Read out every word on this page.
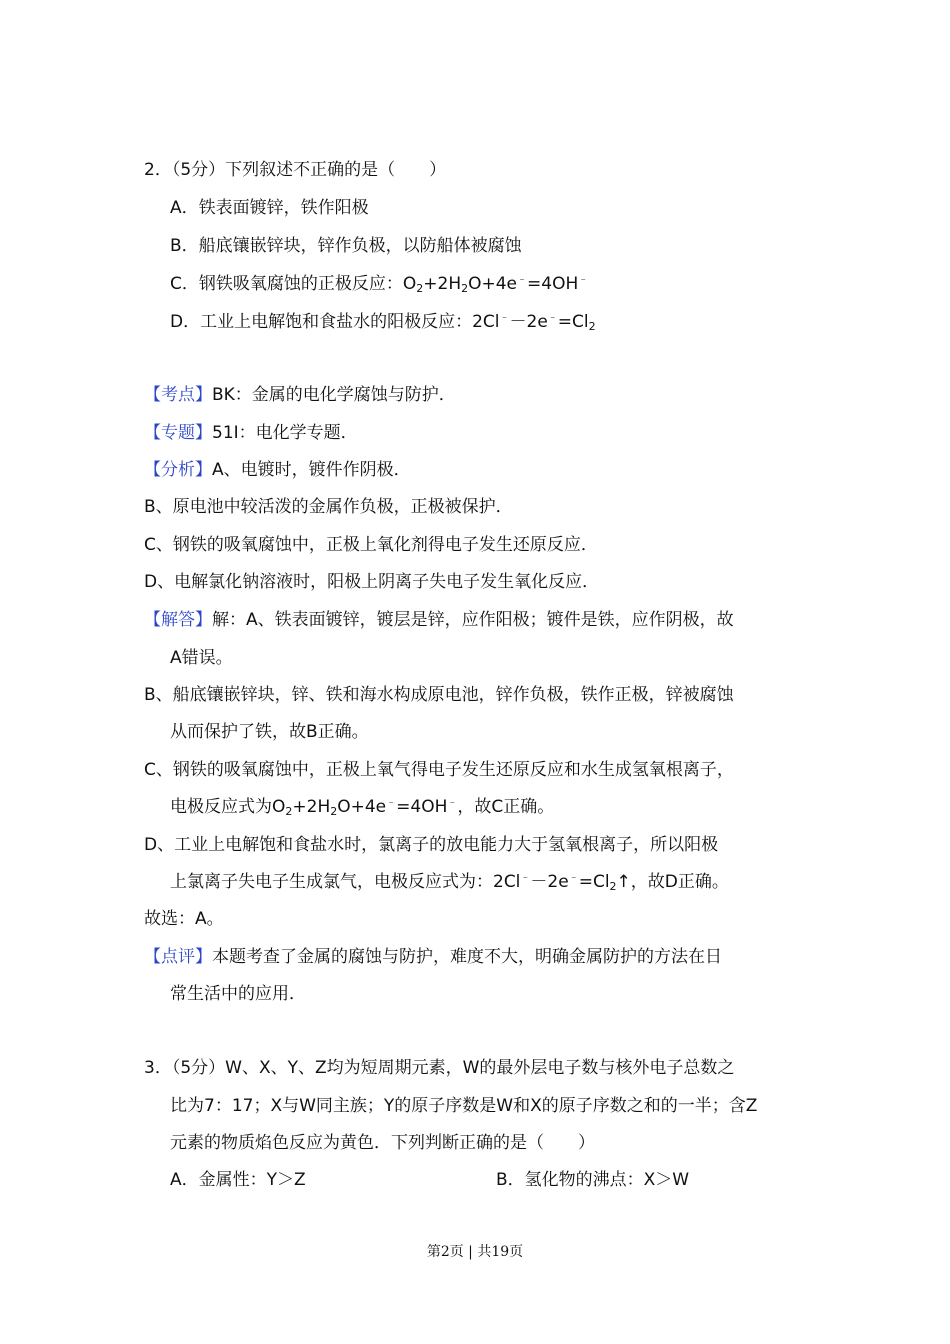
2．（5分）下列叙述不正确的是（　　）
A．铁表面镀锌，铁作阳极
B．船底镶嵌锌块，锌作负极，以防船体被腐蚀
C．钢铁吸氧腐蚀的正极反应：$O_2+2H_2O+4e^﹣=4OH^﹣$
D．工业上电解饱和食盐水的阳极反应：$2Cl^﹣-2e^﹣=Cl_2$
【考点】BK：金属的电化学腐蚀与防护．
【专题】51I：电化学专题．
【分析】A、电镀时，镀件作阴极．
B、原电池中较活泼的金属作负极，正极被保护．
C、钢铁的吸氧腐蚀中，正极上氧化剂得电子发生还原反应．
D、电解氯化钠溶液时，阳极上阴离子失电子发生氧化反应．
【解答】解：A、铁表面镀锌，镀层是锌，应作阳极；镀件是铁，应作阴极，故
A错误。
B、船底镶嵌锌块，锌、铁和海水构成原电池，锌作负极，铁作正极，锌被腐蚀
从而保护了铁，故B正确。
C、钢铁的吸氧腐蚀中，正极上氧气得电子发生还原反应和水生成氢氧根离子，
电极反应式为$O_2+2H_2O+4e^﹣=4OH^﹣$，故C正确。
D、工业上电解饱和食盐水时，氯离子的放电能力大于氢氧根离子，所以阳极
上氯离子失电子生成氯气，电极反应式为：$2Cl^﹣-2e^﹣=Cl_2↑$，故D正确。
故选：A。
【点评】本题考查了金属的腐蚀与防护，难度不大，明确金属防护的方法在日
常生活中的应用．
3．（5分）W、X、Y、Z均为短周期元素，W的最外层电子数与核外电子总数之
比为7：17；X与W同主族；Y的原子序数是W和X的原子序数之和的一半；含Z
元素的物质焰色反应为黄色．下列判断正确的是（　　）
A．金属性：Y＞Z	B．氢化物的沸点：X＞W
第2页 | 共19页
